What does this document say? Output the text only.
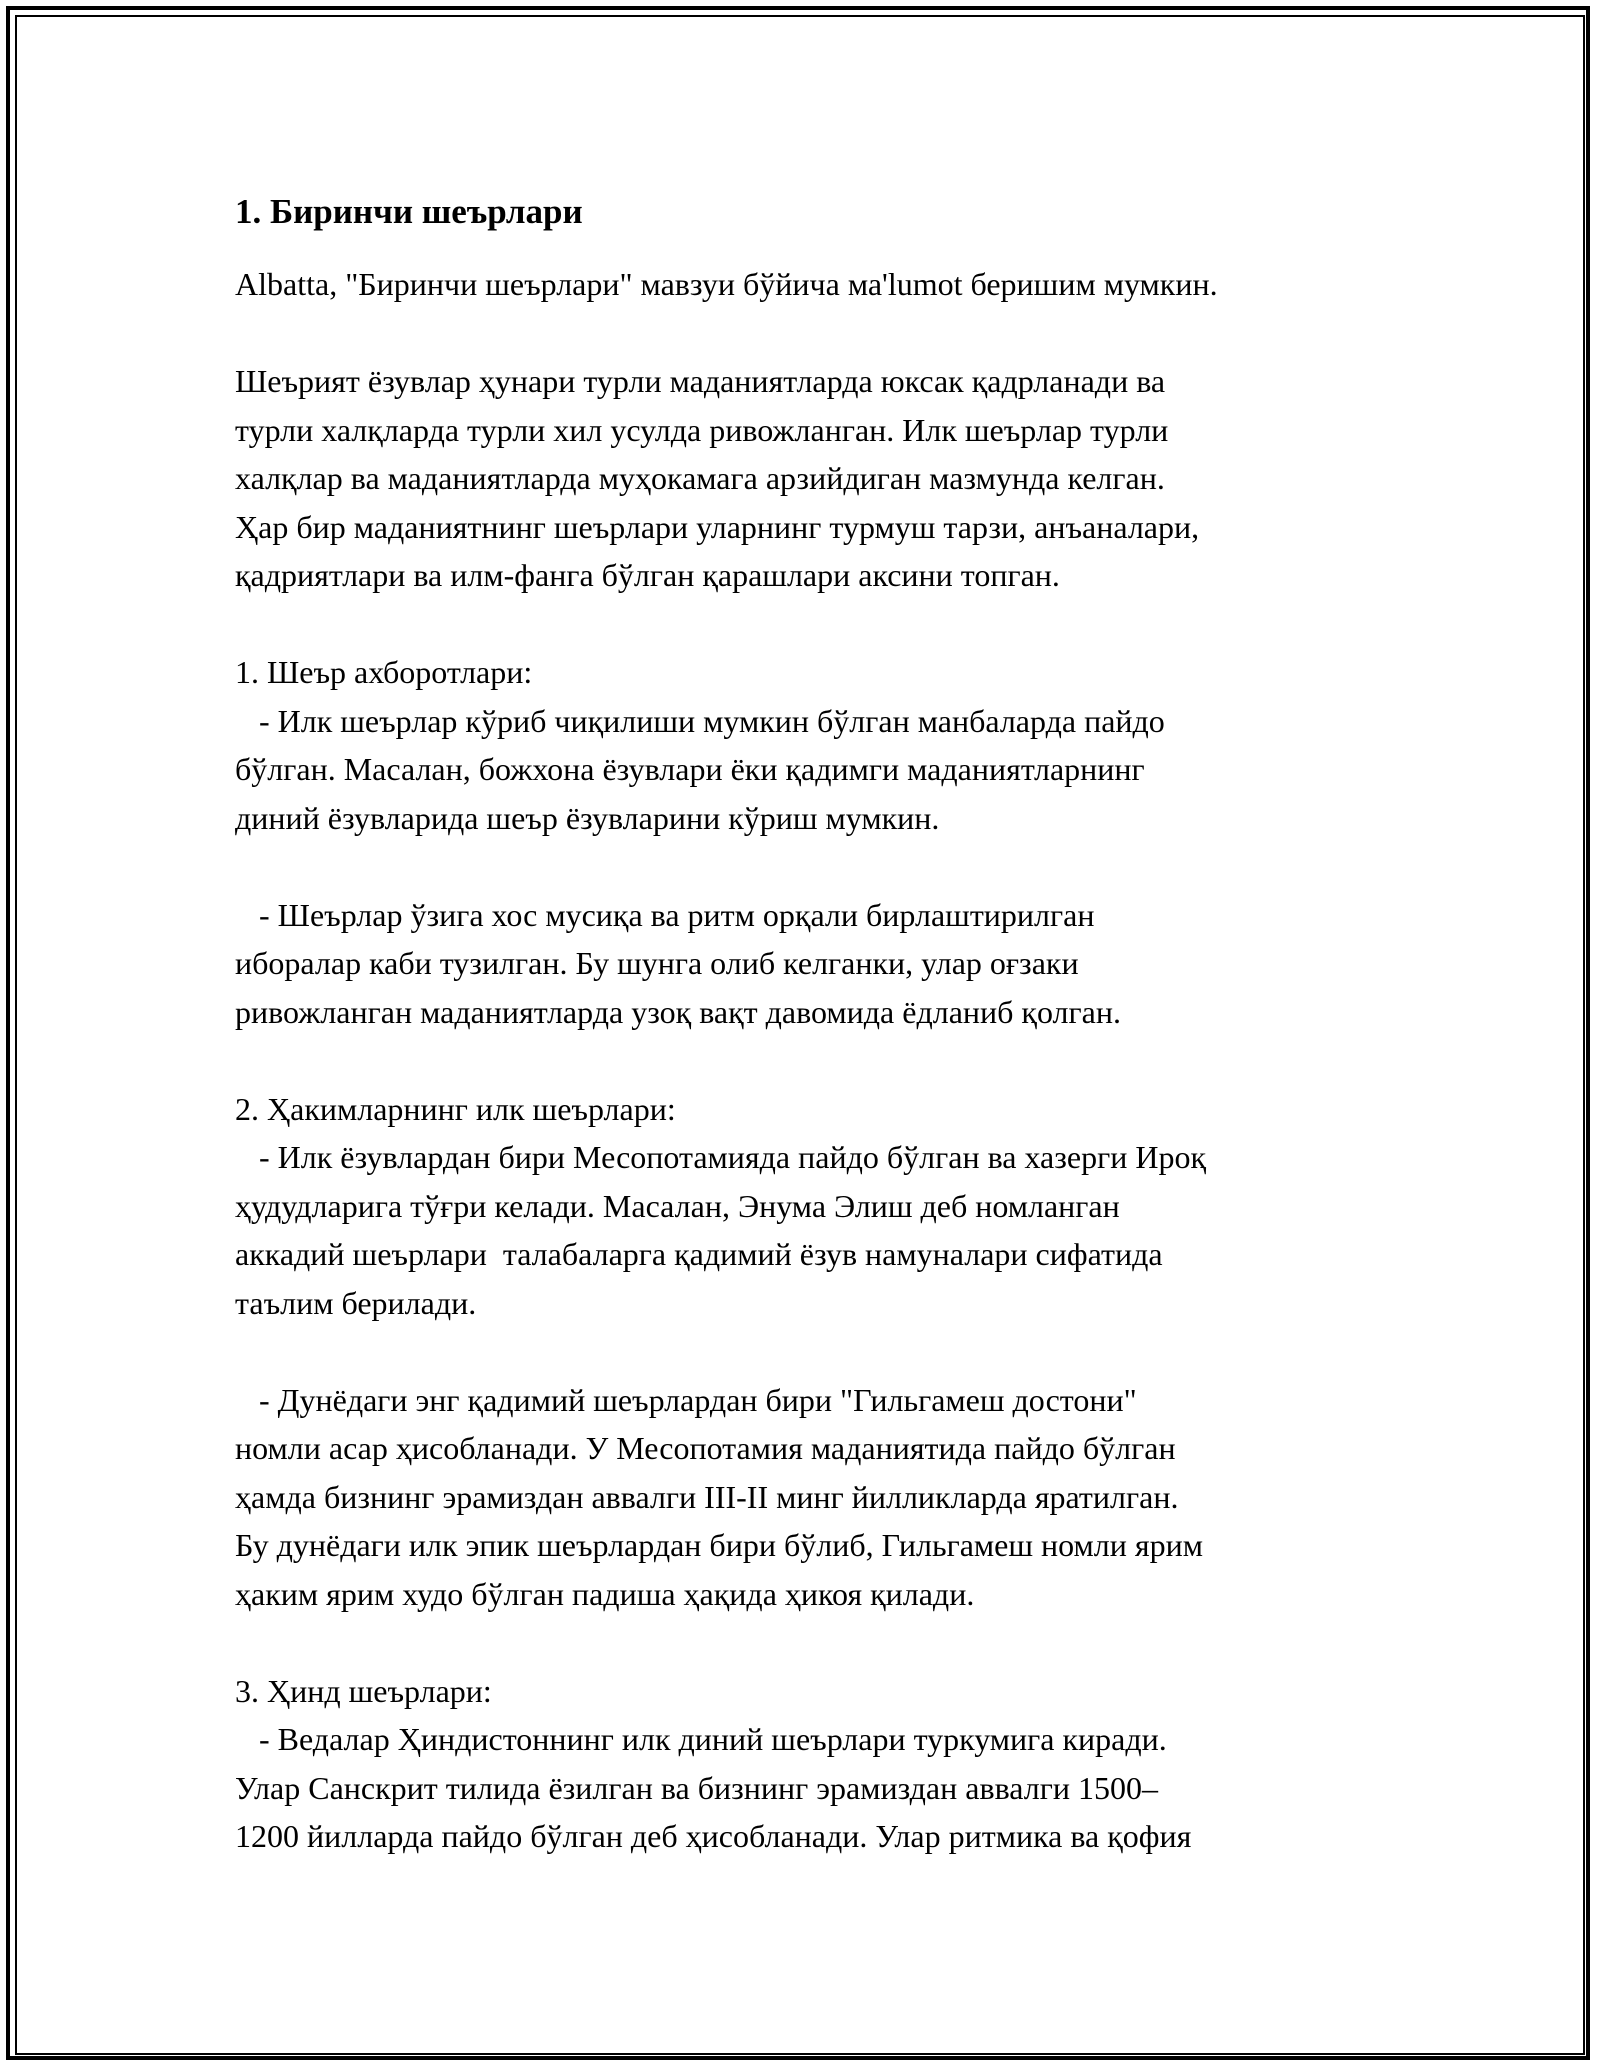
1. Биринчи шеърлари
Albatta, "Биринчи шеърлари" мавзуи бўйича ма'lumot беришим мумкин.
Шеърият ёзувлар ҳунари турли маданиятларда юксак қадрланади ва
турли халқларда турли хил усулда ривожланган. Илк шеърлар турли
халқлар ва маданиятларда муҳокамага арзийдиган мазмунда келган.
Ҳар бир маданиятнинг шеърлари уларнинг турмуш тарзи, анъаналари,
қадриятлари ва илм-фанга бўлган қарашлари аксини топган.
1. Шеър ахборотлари:
- Илк шеърлар кўриб чиқилиши мумкин бўлган манбаларда пайдо
бўлган. Масалан, божхона ёзувлари ёки қадимги маданиятларнинг
диний ёзувларида шеър ёзувларини кўриш мумкин.
- Шеърлар ўзига хос мусиқа ва ритм орқали бирлаштирилган
иборалар каби тузилган. Бу шунга олиб келганки, улар оғзаки
ривожланган маданиятларда узоқ вақт давомида ёдланиб қолган.
2. Ҳакимларнинг илк шеърлари:
- Илк ёзувлардан бири Месопотамияда пайдо бўлган ва хазерги Ироқ
ҳудудларига тўғри келади. Масалан, Энума Элиш деб номланган
аккадий шеърлари  талабаларга қадимий ёзув намуналари сифатида
таълим берилади.
- Дунёдаги энг қадимий шеърлардан бири "Гильгамеш достони"
номли асар ҳисобланади. У Месопотамия маданиятида пайдо бўлган
ҳамда бизнинг эрамиздан аввалги III-II минг йилликларда яратилган.
Бу дунёдаги илк эпик шеърлардан бири бўлиб, Гильгамеш номли ярим
ҳаким ярим худо бўлган падиша ҳақида ҳикоя қилади.
3. Ҳинд шеърлари:
- Ведалар Ҳиндистоннинг илк диний шеърлари туркумига киради.
Улар Санскрит тилида ёзилган ва бизнинг эрамиздан аввалги 1500–
1200 йилларда пайдо бўлган деб ҳисобланади. Улар ритмика ва қофия
